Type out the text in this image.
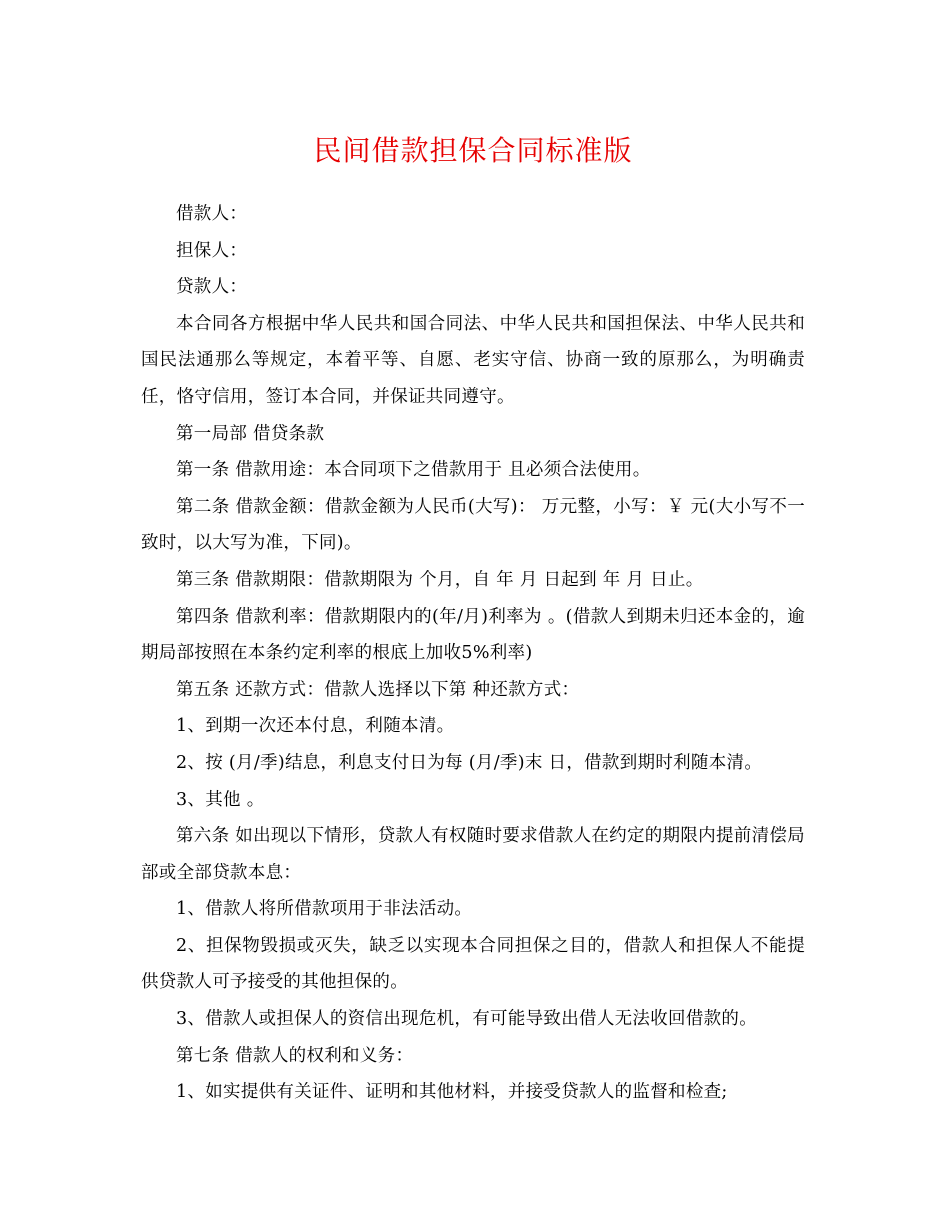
民间借款担保合同标准版

借款人：

担保人：

贷款人：

本合同各方根据中华人民共和国合同法、中华人民共和国担保法、中华人民共和国民法通那么等规定，本着平等、自愿、老实守信、协商一致的原那么，为明确责任，恪守信用，签订本合同，并保证共同遵守。

第一局部 借贷条款

第一条 借款用途：本合同项下之借款用于 且必须合法使用。

第二条 借款金额：借款金额为人民币(大写)： 万元整，小写：￥ 元(大小写不一致时，以大写为准，下同)。

第三条 借款期限：借款期限为 个月，自 年 月 日起到 年 月 日止。

第四条 借款利率：借款期限内的(年/月)利率为 。(借款人到期未归还本金的，逾期局部按照在本条约定利率的根底上加收5%利率)

第五条 还款方式：借款人选择以下第 种还款方式：

1、到期一次还本付息，利随本清。

2、按 (月/季)结息，利息支付日为每 (月/季)末 日，借款到期时利随本清。

3、其他 。

第六条 如出现以下情形，贷款人有权随时要求借款人在约定的期限内提前清偿局部或全部贷款本息：

1、借款人将所借款项用于非法活动。

2、担保物毁损或灭失，缺乏以实现本合同担保之目的，借款人和担保人不能提供贷款人可予接受的其他担保的。

3、借款人或担保人的资信出现危机，有可能导致出借人无法收回借款的。

第七条 借款人的权利和义务：

1、如实提供有关证件、证明和其他材料，并接受贷款人的监督和检查;
